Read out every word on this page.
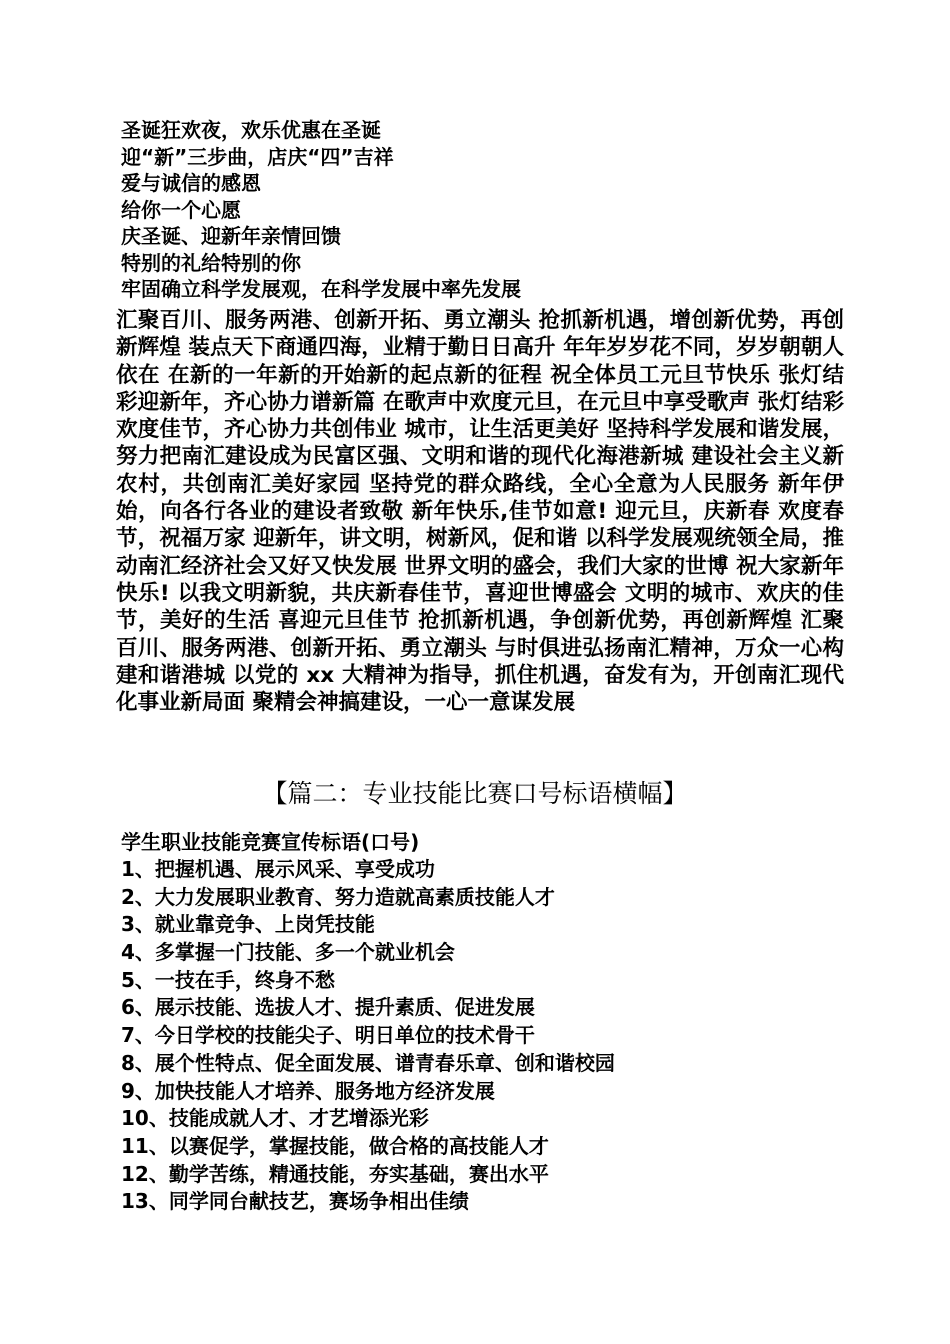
圣诞狂欢夜，欢乐优惠在圣诞
迎“新”三步曲，店庆“四”吉祥
爱与诚信的感恩
给你一个心愿
庆圣诞、迎新年亲情回馈
特别的礼给特别的你
牢固确立科学发展观，在科学发展中率先发展
汇聚百川、服务两港、创新开拓、勇立潮头 抢抓新机遇，增创新优势，再创新辉煌 装点天下商通四海，业精于勤日日高升 年年岁岁花不同，岁岁朝朝人依在 在新的一年新的开始新的起点新的征程 祝全体员工元旦节快乐 张灯结彩迎新年，齐心协力谱新篇 在歌声中欢度元旦，在元旦中享受歌声 张灯结彩欢度佳节，齐心协力共创伟业 城市，让生活更美好 坚持科学发展和谐发展，努力把南汇建设成为民富区强、文明和谐的现代化海港新城 建设社会主义新农村，共创南汇美好家园 坚持党的群众路线，全心全意为人民服务 新年伊始，向各行各业的建设者致敬 新年快乐,佳节如意! 迎元旦，庆新春 欢度春节，祝福万家 迎新年，讲文明，树新风，促和谐 以科学发展观统领全局，推动南汇经济社会又好又快发展 世界文明的盛会，我们大家的世博 祝大家新年快乐! 以我文明新貌，共庆新春佳节，喜迎世博盛会 文明的城市、欢庆的佳节，美好的生活 喜迎元旦佳节 抢抓新机遇，争创新优势，再创新辉煌 汇聚百川、服务两港、创新开拓、勇立潮头 与时俱进弘扬南汇精神，万众一心构建和谐港城 以党的 xx 大精神为指导，抓住机遇，奋发有为，开创南汇现代化事业新局面 聚精会神搞建设，一心一意谋发展
【篇二：专业技能比赛口号标语横幅】
学生职业技能竞赛宣传标语(口号)
1、把握机遇、展示风采、享受成功
2、大力发展职业教育、努力造就高素质技能人才
3、就业靠竞争、上岗凭技能
4、多掌握一门技能、多一个就业机会
5、一技在手，终身不愁
6、展示技能、选拔人才、提升素质、促进发展
7、今日学校的技能尖子、明日单位的技术骨干
8、展个性特点、促全面发展、谱青春乐章、创和谐校园
9、加快技能人才培养、服务地方经济发展
10、技能成就人才、才艺增添光彩
11、以赛促学，掌握技能，做合格的高技能人才
12、勤学苦练，精通技能，夯实基础，赛出水平
13、同学同台献技艺，赛场争相出佳绩
